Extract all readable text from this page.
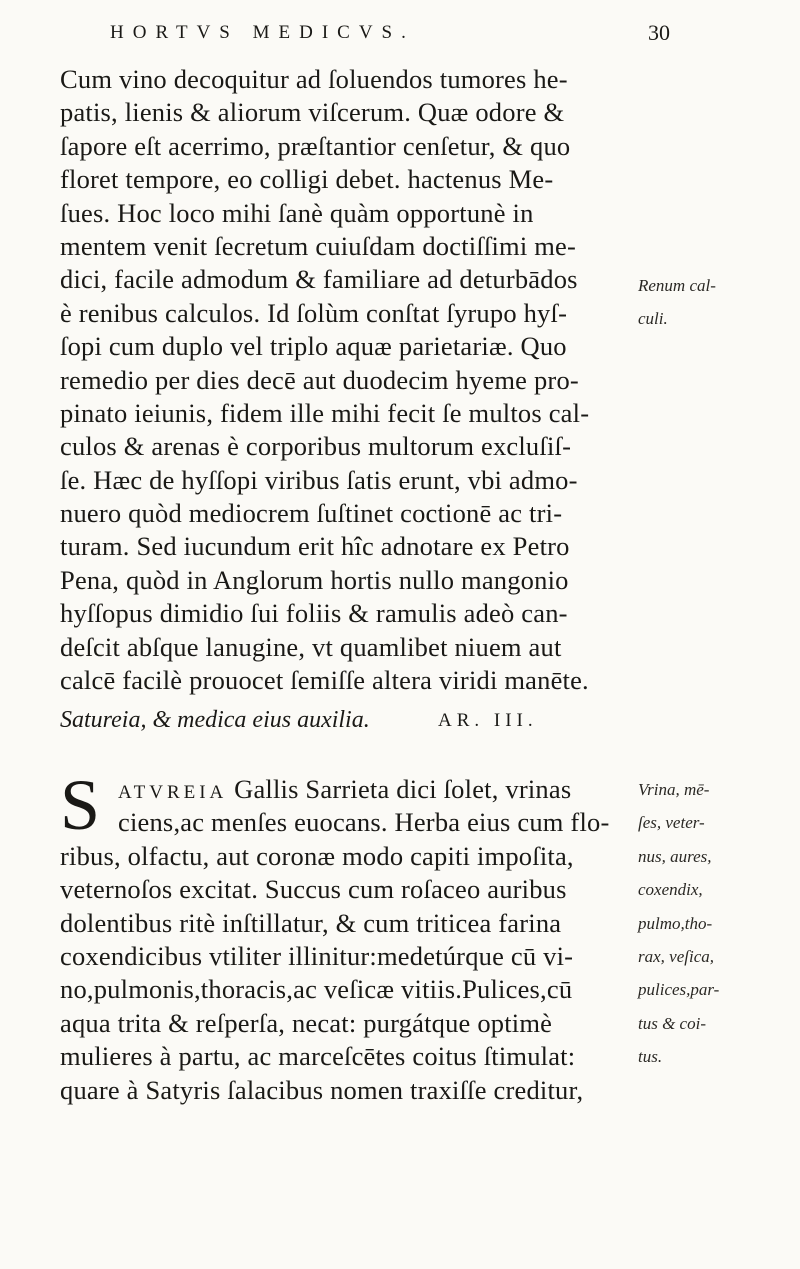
HORTVS MEDICVS.	30
Cum vino decoquitur ad ſoluendos tumores he-
patis, lienis & aliorum viſcerum. Quæ odore &
ſapore eſt acerrimo, præſtantior cenſetur, & quo
floret tempore, eo colligi debet. hactenus Me-
ſues. Hoc loco mihi ſanè quàm opportunè in
mentem venit ſecretum cuiuſdam doctiſſimi me-
dici, facile admodum & familiare ad deturbādos
è renibus calculos. Id ſolùm conſtat ſyrupo hyſ-
ſopi cum duplo vel triplo aquæ parietariæ. Quo
remedio per dies decē aut duodecim hyeme pro-
pinato ieiunis, fidem ille mihi fecit ſe multos cal-
culos & arenas è corporibus multorum excluſiſ-
ſe. Hæc de hyſſopi viribus ſatis erunt, vbi admo-
nuero quòd mediocrem ſuſtinet coctionē ac tri-
turam. Sed iucundum erit hîc adnotare ex Petro
Pena, quòd in Anglorum hortis nullo mangonio
hyſſopus dimidio ſui foliis & ramulis adeò can-
deſcit abſque lanugine, vt quamlibet niuem aut
calcē facilè prouocet ſemiſſe altera viridi manēte.
Renum cal-
culi.
Satureia, & medica eius auxilia.	AR. III.
S ATVREIA Gallis Sarrieta dici ſolet, vrinas
ciens,ac menſes euocans. Herba eius cum flo-
ribus, olfactu, aut coronæ modo capiti impoſita,
veternoſos excitat. Succus cum roſaceo auribus
dolentibus ritè inſtillatur, & cum triticea farina
coxendicibus vtiliter illinitur:medetúrque cū vi-
no,pulmonis,thoracis,ac veſicæ vitiis.Pulices,cū
aqua trita & reſperſa, necat: purgátque optimè
mulieres à partu, ac marceſcētes coitus ſtimulat:
quare à Satyris ſalacibus nomen traxiſſe creditur,
Vrina, mē-
ſes, veter-
nus, aures,
coxendix,
pulmo,tho-
rax, veſica,
pulices,par-
tus & coi-
tus.
